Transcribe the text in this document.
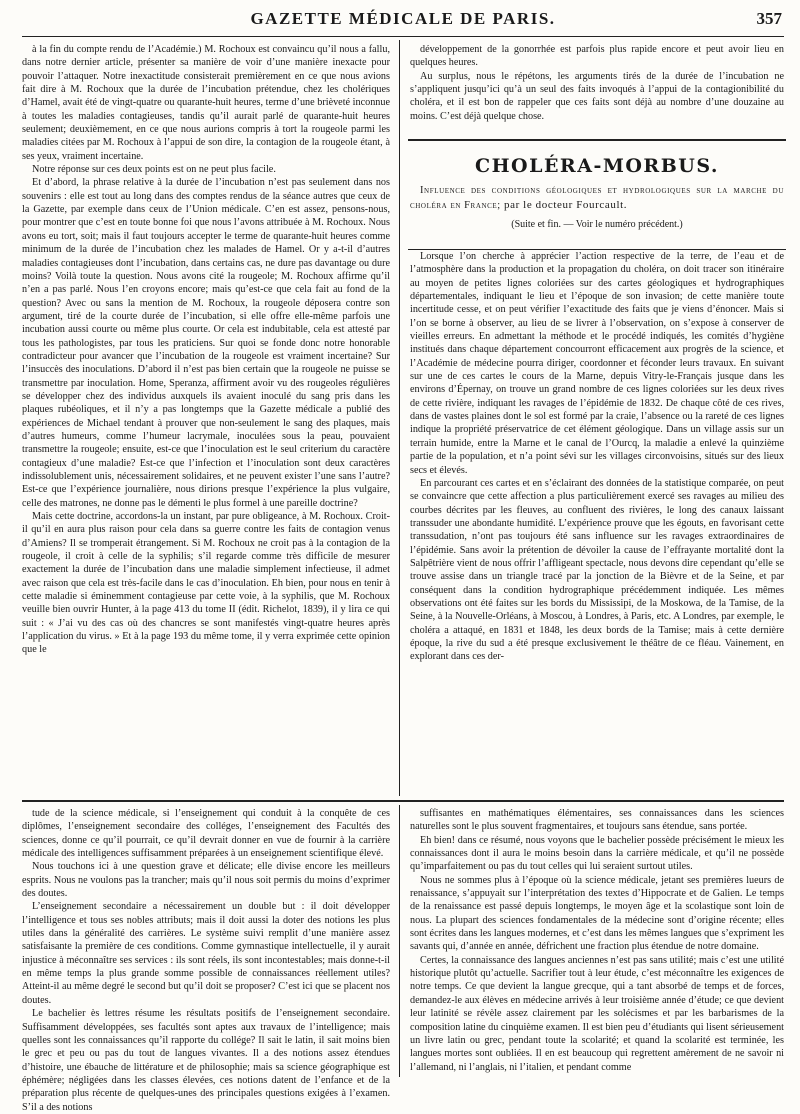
GAZETTE MÉDICALE DE PARIS.	357

à la fin du compte rendu de l’Académie.) M. Rochoux est convaincu qu’il nous a fallu, dans notre dernier article, présenter sa manière de voir d’une manière inexacte pour pouvoir l’attaquer. Notre inexactitude consisterait premièrement en ce que nous avions fait dire à M. Rochoux que la durée de l’incubation prétendue, chez les cholériques d’Hamel, avait été de vingt-quatre ou quarante-huit heures, terme d’une brièveté inconnue à toutes les maladies contagieuses, tandis qu’il aurait parlé de quarante-huit heures seulement; deuxièmement, en ce que nous aurions compris à tort la rougeole parmi les maladies citées par M. Rochoux à l’appui de son dire, la contagion de la rougeole étant, à ses yeux, vraiment incertaine.

Notre réponse sur ces deux points est on ne peut plus facile.

Et d’abord, la phrase relative à la durée de l’incubation n’est pas seulement dans nos souvenirs : elle est tout au long dans des comptes rendus de la séance autres que ceux de la Gazette, par exemple dans ceux de l’Union médicale. C’en est assez, pensons-nous, pour montrer que c’est en toute bonne foi que nous l’avons attribuée à M. Rochoux. Nous avons eu tort, soit; mais il faut toujours accepter le terme de quarante-huit heures comme minimum de la durée de l’incubation chez les malades de Hamel. Or y a-t-il d’autres maladies contagieuses dont l’incubation, dans certains cas, ne dure pas davantage ou dure moins? Voilà toute la question. Nous avons cité la rougeole; M. Rochoux affirme qu’il n’en a pas parlé. Nous l’en croyons encore; mais qu’est-ce que cela fait au fond de la question? Avec ou sans la mention de M. Rochoux, la rougeole déposera contre son argument, tiré de la courte durée de l’incubation, si elle offre elle-même parfois une incubation aussi courte ou même plus courte. Or cela est indubitable, cela est attesté par tous les pathologistes, par tous les praticiens. Sur quoi se fonde donc notre honorable contradicteur pour avancer que l’incubation de la rougeole est vraiment incertaine? Sur l’insuccès des inoculations. D’abord il n’est pas bien certain que la rougeole ne puisse se transmettre par inoculation. Home, Speranza, affirment avoir vu des rougeoles régulières se développer chez des individus auxquels ils avaient inoculé du sang pris dans les plaques rubéoliques, et il n’y a pas longtemps que la Gazette médicale a publié des expériences de Michael tendant à prouver que non-seulement le sang des plaques, mais d’autres humeurs, comme l’humeur lacrymale, inoculées sous la peau, pouvaient transmettre la rougeole; ensuite, est-ce que l’inoculation est le seul criterium du caractère contagieux d’une maladie? Est-ce que l’infection et l’inoculation sont deux caractères indissolublement unis, nécessairement solidaires, et ne peuvent exister l’une sans l’autre? Est-ce que l’expérience journalière, nous dirions presque l’expérience la plus vulgaire, celle des matrones, ne donne pas le démenti le plus formel à une pareille doctrine?

Mais cette doctrine, accordons-la un instant, par pure obligeance, à M. Rochoux. Croit-il qu’il en aura plus raison pour cela dans sa guerre contre les faits de contagion venus d’Amiens? Il se tromperait étrangement. Si M. Rochoux ne croit pas à la contagion de la rougeole, il croit à celle de la syphilis; s’il regarde comme très difficile de mesurer exactement la durée de l’incubation dans une maladie simplement infectieuse, il admet avec raison que cela est très-facile dans le cas d’inoculation. Eh bien, pour nous en tenir à cette maladie si éminemment contagieuse par cette voie, à la syphilis, que M. Rochoux veuille bien ouvrir Hunter, à la page 413 du tome II (édit. Richelot, 1839), il y lira ce qui suit : « J’ai vu des cas où des chancres se sont manifestés vingt-quatre heures après l’application du virus. » Et à la page 193 du même tome, il y verra exprimée cette opinion que le

développement de la gonorrhée est parfois plus rapide encore et peut avoir lieu en quelques heures.

Au surplus, nous le répétons, les arguments tirés de la durée de l’incubation ne s’appliquent jusqu’ici qu’à un seul des faits invoqués à l’appui de la contagionibilité du choléra, et il est bon de rappeler que ces faits sont déjà au nombre d’une douzaine au moins. C’est déjà quelque chose.

CHOLÉRA-MORBUS.
Influence des conditions géologiques et hydrologiques sur la marche du choléra en France; par le docteur Fourcault.
(Suite et fin. — Voir le numéro précédent.)

Lorsque l’on cherche à apprécier l’action respective de la terre, de l’eau et de l’atmosphère dans la production et la propagation du choléra, on doit tracer son itinéraire au moyen de petites lignes coloriées sur des cartes géologiques et hydrographiques départementales, indiquant le lieu et l’époque de son invasion; de cette manière toute incertitude cesse, et on peut vérifier l’exactitude des faits que je viens d’énoncer. Mais si l’on se borne à observer, au lieu de se livrer à l’observation, on s’expose à conserver de vieilles erreurs. En admettant la méthode et le procédé indiqués, les comités d’hygiène institués dans chaque département concourront efficacement aux progrès de la science, et l’Académie de médecine pourra diriger, coordonner et féconder leurs travaux. En suivant sur une de ces cartes le cours de la Marne, depuis Vitry-le-Français jusque dans les environs d’Épernay, on trouve un grand nombre de ces lignes coloriées sur les deux rives de cette rivière, indiquant les ravages de l’épidémie de 1832. De chaque côté de ces rives, dans de vastes plaines dont le sol est formé par la craie, l’absence ou la rareté de ces lignes indique la propriété préservatrice de cet élément géologique. Dans un village assis sur un terrain humide, entre la Marne et le canal de l’Ourcq, la maladie a enlevé la quinzième partie de la population, et n’a point sévi sur les villages circonvoisins, situés sur des lieux secs et élevés.

En parcourant ces cartes et en s’éclairant des données de la statistique comparée, on peut se convaincre que cette affection a plus particulièrement exercé ses ravages au milieu des courbes décrites par les fleuves, au confluent des rivières, le long des canaux laissant transsuder une abondante humidité. L’expérience prouve que les égouts, en favorisant cette transsudation, n’ont pas toujours été sans influence sur les ravages extraordinaires de l’épidémie. Sans avoir la prétention de dévoiler la cause de l’effrayante mortalité dont la Salpêtrière vient de nous offrir l’affligeant spectacle, nous devons dire cependant qu’elle se trouve assise dans un triangle tracé par la jonction de la Bièvre et de la Seine, et par conséquent dans la condition hydrographique précédemment indiquée. Les mêmes observations ont été faites sur les bords du Mississipi, de la Moskowa, de la Tamise, de la Seine, à la Nouvelle-Orléans, à Moscou, à Londres, à Paris, etc. A Londres, par exemple, le choléra a attaqué, en 1831 et 1848, les deux bords de la Tamise; mais à cette dernière époque, la rive du sud a été presque exclusivement le théâtre de ce fléau. Vainement, en explorant dans ces der-

tude de la science médicale, si l’enseignement qui conduit à la conquête de ces diplômes, l’enseignement secondaire des colléges, l’enseignement des Facultés des sciences, donne ce qu’il pourrait, ce qu’il devrait donner en vue de fournir à la carrière médicale des intelligences suffisamment préparées à un enseignement scientifique élevé.

Nous touchons ici à une question grave et délicate; elle divise encore les meilleurs esprits. Nous ne voulons pas la trancher; mais qu’il nous soit permis du moins d’exprimer des doutes.

L’enseignement secondaire a nécessairement un double but : il doit développer l’intelligence et tous ses nobles attributs; mais il doit aussi la doter des notions les plus utiles dans la généralité des carrières. Le système suivi remplit d’une manière assez satisfaisante la première de ces conditions. Comme gymnastique intellectuelle, il y aurait injustice à méconnaître ses services : ils sont réels, ils sont incontestables; mais donne-t-il en même temps la plus grande somme possible de connaissances réellement utiles? Atteint-il au même degré le second but qu’il doit se proposer? C’est ici que se placent nos doutes.

Le bachelier ès lettres résume les résultats positifs de l’enseignement secondaire. Suffisamment développées, ses facultés sont aptes aux travaux de l’intelligence; mais quelles sont les connaissances qu’il rapporte du collége? Il sait le latin, il sait moins bien le grec et peu ou pas du tout de langues vivantes. Il a des notions assez étendues d’histoire, une ébauche de littérature et de philosophie; mais sa science géographique est éphémère; négligées dans les classes élevées, ces notions datent de l’enfance et de la préparation plus récente de quelques-unes des principales questions exigées à l’examen. S’il a des notions

suffisantes en mathématiques élémentaires, ses connaissances dans les sciences naturelles sont le plus souvent fragmentaires, et toujours sans étendue, sans portée.

Eh bien! dans ce résumé, nous voyons que le bachelier possède précisément le mieux les connaissances dont il aura le moins besoin dans la carrière médicale, et qu’il ne possède qu’imparfaitement ou pas du tout celles qui lui seraient surtout utiles.

Nous ne sommes plus à l’époque où la science médicale, jetant ses premières lueurs de renaissance, s’appuyait sur l’interprétation des textes d’Hippocrate et de Galien. Le temps de la renaissance est passé depuis longtemps, le moyen âge et la scolastique sont loin de nous. La plupart des sciences fondamentales de la médecine sont d’origine récente; elles sont écrites dans les langues modernes, et c’est dans les mêmes langues que s’expriment les savants qui, d’année en année, défrichent une fraction plus étendue de notre domaine.

Certes, la connaissance des langues anciennes n’est pas sans utilité; mais c’est une utilité historique plutôt qu’actuelle. Sacrifier tout à leur étude, c’est méconnaître les exigences de notre temps. Ce que devient la langue grecque, qui a tant absorbé de temps et de forces, demandez-le aux élèves en médecine arrivés à leur troisième année d’étude; ce que devient leur latinité se révèle assez clairement par les solécismes et par les barbarismes de la composition latine du cinquième examen. Il est bien peu d’étudiants qui lisent sérieusement un livre latin ou grec, pendant toute la scolarité; et quand la scolarité est terminée, les langues mortes sont oubliées. Il en est beaucoup qui regrettent amèrement de ne savoir ni l’allemand, ni l’anglais, ni l’italien, et pendant comme
